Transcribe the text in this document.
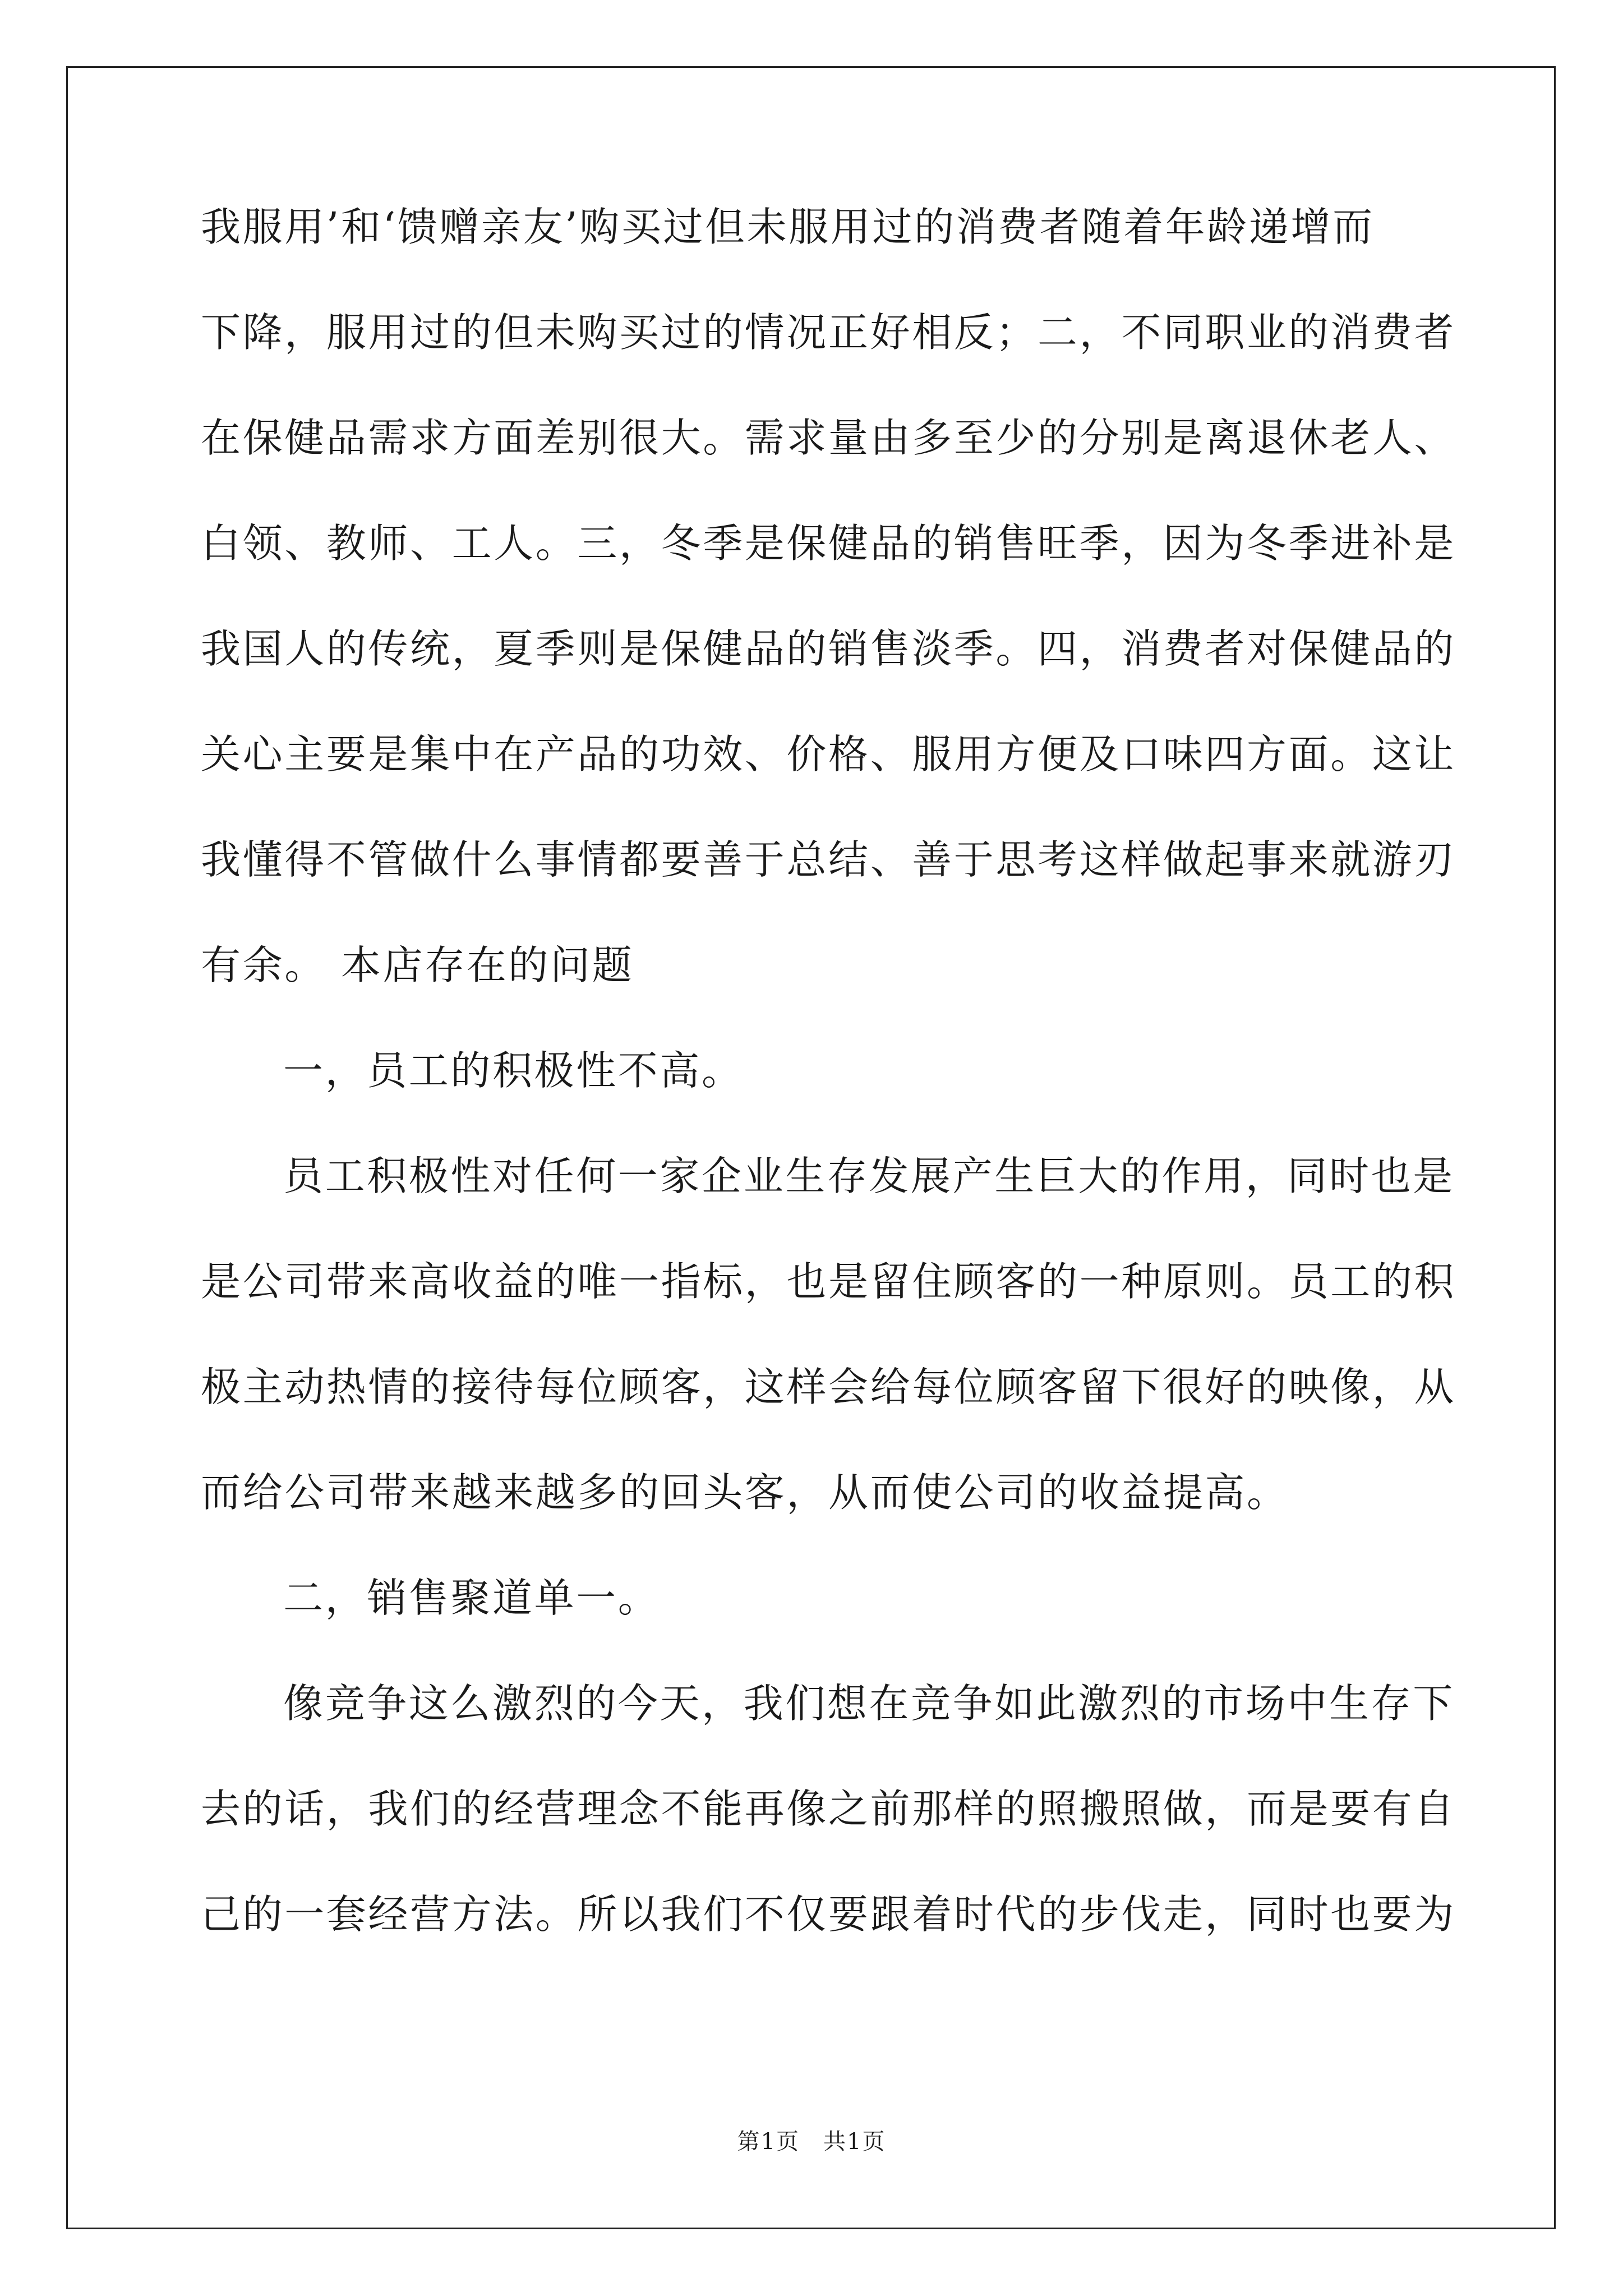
我服用’和‘馈赠亲友’购买过但未服用过的消费者随着年龄递增而
下降，服用过的但未购买过的情况正好相反；二，不同职业的消费者
在保健品需求方面差别很大。需求量由多至少的分别是离退休老人、
白领、教师、工人。三，冬季是保健品的销售旺季，因为冬季进补是
我国人的传统，夏季则是保健品的销售淡季。四，消费者对保健品的
关心主要是集中在产品的功效、价格、服用方便及口味四方面。这让
我懂得不管做什么事情都要善于总结、善于思考这样做起事来就游刃
有余。 本店存在的问题
一，员工的积极性不高。
员工积极性对任何一家企业生存发展产生巨大的作用，同时也是
是公司带来高收益的唯一指标，也是留住顾客的一种原则。员工的积
极主动热情的接待每位顾客，这样会给每位顾客留下很好的映像，从
而给公司带来越来越多的回头客，从而使公司的收益提高。
二，销售聚道单一。
像竞争这么激烈的今天，我们想在竞争如此激烈的市场中生存下
去的话，我们的经营理念不能再像之前那样的照搬照做，而是要有自
己的一套经营方法。所以我们不仅要跟着时代的步伐走，同时也要为
第1页　共1页
